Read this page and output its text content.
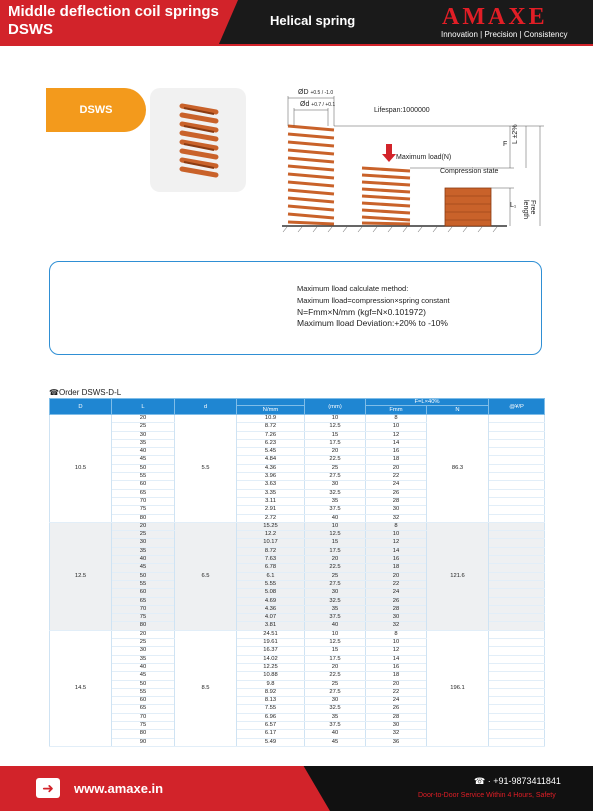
Middle deflection coil springs
DSWS
Helical spring	AMAXE
Innovation | Precision | Consistency
DSWS
ØD +0.5 / -1.0
Ød +0.7 / +0.1
Lifespan:1000000
Maximum load(N)
Compression state
F
L₁
L ±2%
Free length
Maximum lload calculate method:
Maximum lload=compression×spring constant
N=Fmm×N/mm (kgf=N×0.101972)
Maximum lload Deviation:+20% to -10%
☎Order DSWS-D-L
D	L	d		(mm)	F=L×40%		@¥/P
			N/mm		Fmm	N	
10.5	20	5.5	10.9	10	8	86.3	
	25		8.72	12.5	10		
	30		7.26	15	12		
	35		6.23	17.5	14		
	40		5.45	20	16		
	45		4.84	22.5	18		
	50		4.36	25	20		
	55		3.96	27.5	22		
	60		3.63	30	24		
	65		3.35	32.5	26		
	70		3.11	35	28		
	75		2.91	37.5	30		
	80		2.72	40	32		
12.5	20	6.5	15.25	10	8	121.6	
	25		12.2	12.5	10		
	30		10.17	15	12		
	35		8.72	17.5	14		
	40		7.63	20	16		
	45		6.78	22.5	18		
	50		6.1	25	20		
	55		5.55	27.5	22		
	60		5.08	30	24		
	65		4.69	32.5	26		
	70		4.36	35	28		
	75		4.07	37.5	30		
	80		3.81	40	32		
14.5	20	8.5	24.51	10	8	196.1	
	25		19.61	12.5	10		
	30		16.37	15	12		
	35		14.02	17.5	14		
	40		12.25	20	16		
	45		10.88	22.5	18		
	50		9.8	25	20		
	55		8.92	27.5	22		
	60		8.13	30	24		
	65		7.55	32.5	26		
	70		6.96	35	28		
	75		6.57	37.5	30		
	80		6.17	40	32		
	90		5.49	45	36		
➜	www.amaxe.in	☎ · +91-9873411841
Door-to-Door Service Within 4 Hours, Safety
